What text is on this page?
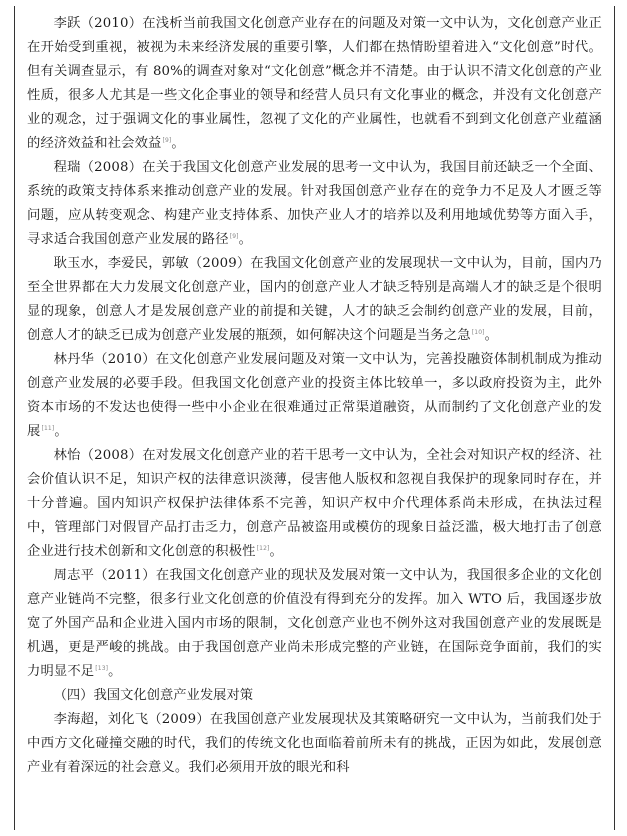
李跃（2010）在浅析当前我国文化创意产业存在的问题及对策一文中认为，文化创意产业正在开始受到重视，被视为未来经济发展的重要引擎，人们都在热情盼望着进入“文化创意”时代。但有关调查显示，有 80%的调查对象对“文化创意”概念并不清楚。由于认识不清文化创意的产业性质，很多人尤其是一些文化企事业的领导和经营人员只有文化事业的概念，并没有文化创意产业的观念，过于强调文化的事业属性，忽视了文化的产业属性，也就看不到到文化创意产业蕴涵的经济效益和社会效益[9]。

程瑞（2008）在关于我国文化创意产业发展的思考一文中认为，我国目前还缺乏一个全面、系统的政策支持体系来推动创意产业的发展。针对我国创意产业存在的竞争力不足及人才匮乏等问题，应从转变观念、构建产业支持体系、加快产业人才的培养以及利用地域优势等方面入手，寻求适合我国创意产业发展的路径[9]。

耿玉水，李爱民，郭敏（2009）在我国文化创意产业的发展现状一文中认为，目前，国内乃至全世界都在大力发展文化创意产业，国内的创意产业人才缺乏特别是高端人才的缺乏是个很明显的现象，创意人才是发展创意产业的前提和关键，人才的缺乏会制约创意产业的发展，目前，创意人才的缺乏已成为创意产业发展的瓶颈，如何解决这个问题是当务之急[10]。

林丹华（2010）在文化创意产业发展问题及对策一文中认为，完善投融资体制机制成为推动创意产业发展的必要手段。但我国文化创意产业的投资主体比较单一，多以政府投资为主，此外资本市场的不发达也使得一些中小企业在很难通过正常渠道融资，从而制约了文化创意产业的发展[11]。

林怡（2008）在对发展文化创意产业的若干思考一文中认为，全社会对知识产权的经济、社会价值认识不足，知识产权的法律意识淡薄，侵害他人版权和忽视自我保护的现象同时存在，并十分普遍。国内知识产权保护法律体系不完善，知识产权中介代理体系尚未形成，在执法过程中，管理部门对假冒产品打击乏力，创意产品被盗用或模仿的现象日益泛滥，极大地打击了创意企业进行技术创新和文化创意的积极性[12]。

周志平（2011）在我国文化创意产业的现状及发展对策一文中认为，我国很多企业的文化创意产业链尚不完整，很多行业文化创意的价值没有得到充分的发挥。加入 WTO 后，我国逐步放宽了外国产品和企业进入国内市场的限制，文化创意产业也不例外这对我国创意产业的发展既是机遇，更是严峻的挑战。由于我国创意产业尚未形成完整的产业链，在国际竞争面前，我们的实力明显不足[13]。

（四）我国文化创意产业发展对策

李海超，刘化飞（2009）在我国创意产业发展现状及其策略研究一文中认为，当前我们处于中西方文化碰撞交融的时代，我们的传统文化也面临着前所未有的挑战，正因为如此，发展创意产业有着深远的社会意义。我们必须用开放的眼光和科
